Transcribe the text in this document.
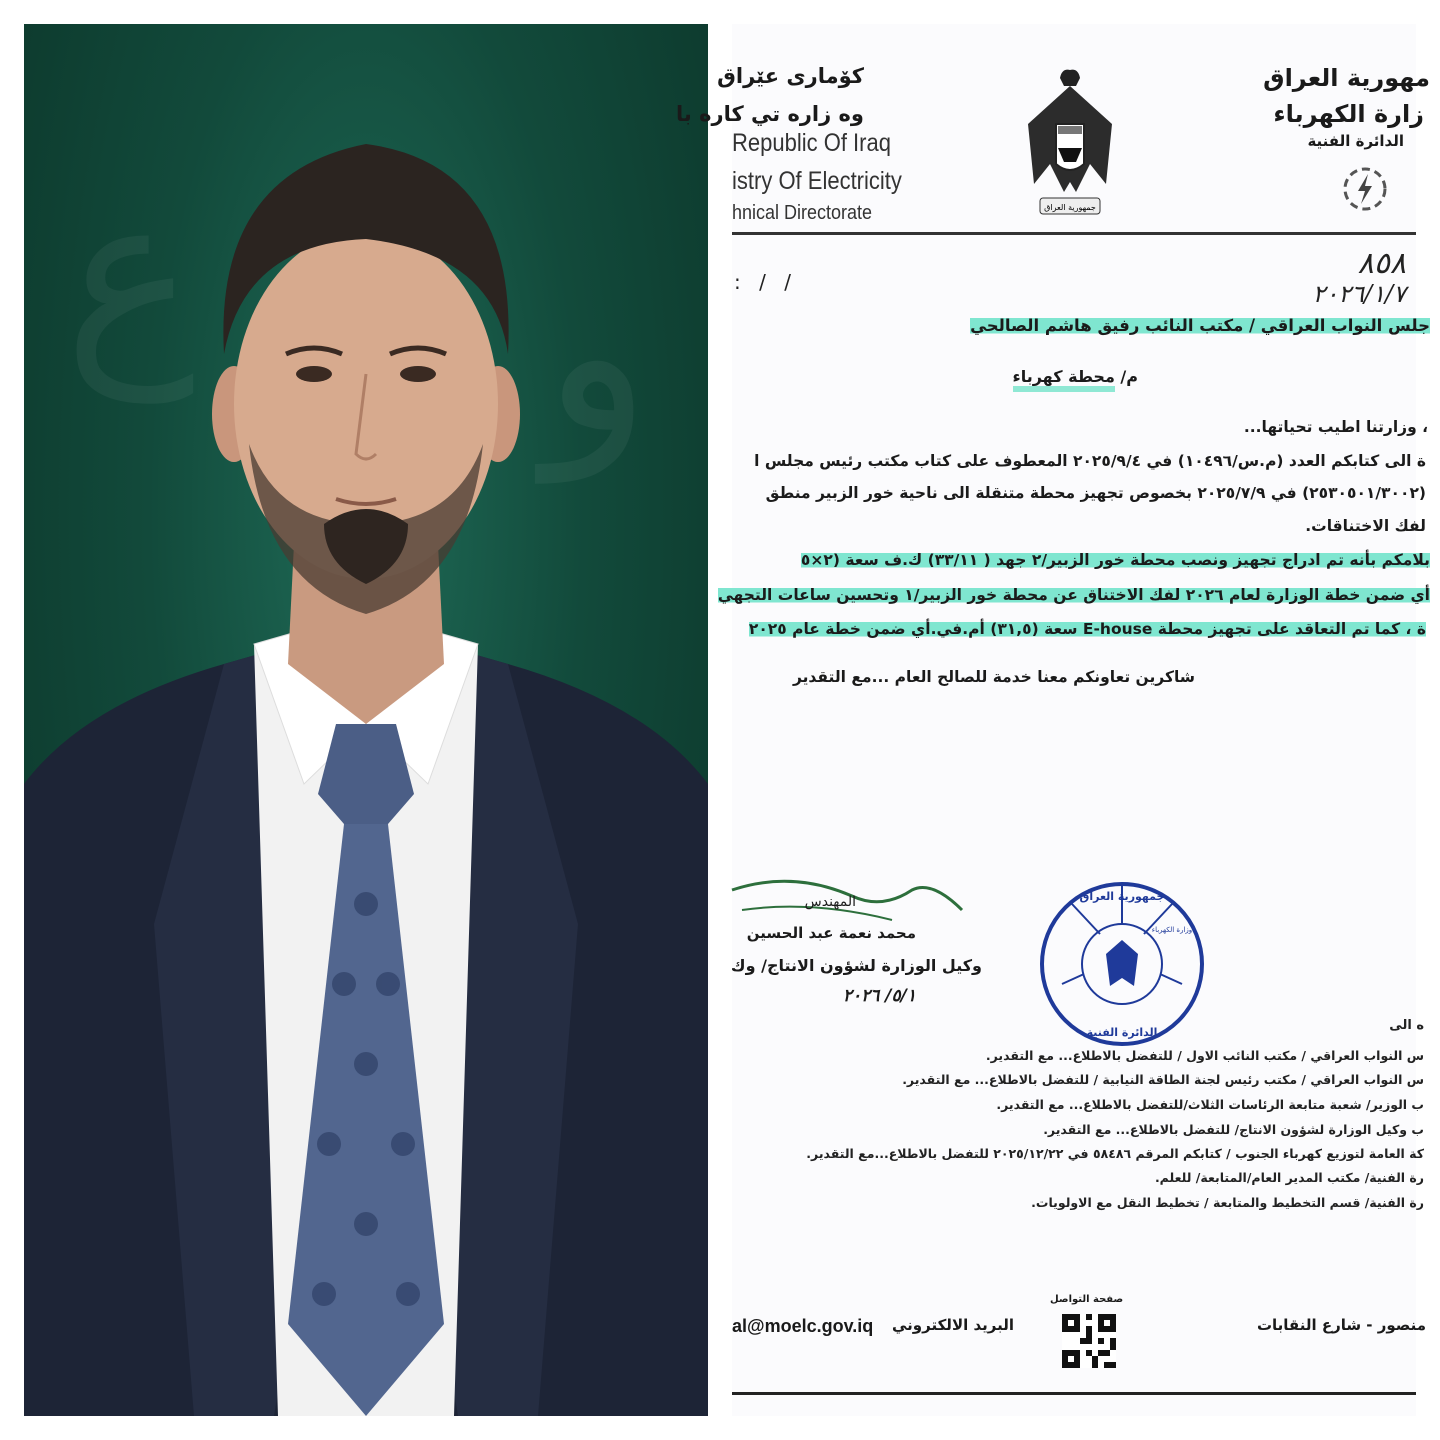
ع و
كۆماری عێراق
وه زاره تي كاره با
Republic Of Iraq
istry Of Electricity
hnical Directorate	جمهورية العراق
مهورية العراق
زارة الكهرباء
الدائرة الفنية
٨٥٨
٢٠٢٦/١/٧
: / /
جلس النواب العراقي / مكتب النائب رفيق هاشم الصالحي
م/ محطة كهرباء
، وزارتنا اطيب تحياتها...
ة الى كتابكم العدد (م.س/١٠٤٩٦) في ٢٠٢٥/٩/٤ المعطوف على كتاب مكتب رئيس مجلس ا
(٢٥٣٠٥٠١/٣٠٠٢) في ٢٠٢٥/٧/٩ بخصوص تجهيز محطة متنقلة الى ناحية خور الزبير منطق
لفك الاختناقات.
بلامكم بأنه تم ادراج تجهيز ونصب محطة خور الزبير/٢ جهد ( ٣٣/١١) ك.ف سعة (٢×٥
أي ضمن خطة الوزارة لعام ٢٠٢٦ لفك الاختناق عن محطة خور الزبير/١ وتحسين ساعات التجهي
ة ، كما تم التعاقد على تجهيز محطة E-house سعة (٣١,٥) أم.في.أي ضمن خطة عام ٢٠٢٥
شاكرين تعاونكم معنا خدمة للصالح العام ...مع التقدير
المهندس
محمد نعمة عبد الحسين
وكيل الوزارة لشؤون الانتاج/ وك
٥/١/ ٢٠٢٦
جمهورية العراق
وزارة الكهرباء
الدائرة الفنية	ه الى
س النواب العراقي / مكتب النائب الاول / للتفضل بالاطلاع... مع التقدير.
س النواب العراقي / مكتب رئيس لجنة الطاقة النيابية / للتفضل بالاطلاع... مع التقدير.
ب الوزير/ شعبة متابعة الرئاسات الثلاث/للتفضل بالاطلاع... مع التقدير.
ب وكيل الوزارة لشؤون الانتاج/ للتفضل بالاطلاع... مع التقدير.
كة العامة لتوزيع كهرباء الجنوب / كتابكم المرقم ٥٨٤٨٦ في ٢٠٢٥/١٢/٢٢ للتفضل بالاطلاع...مع التقدير.
رة الفنية/ مكتب المدير العام/المتابعة/ للعلم.
رة الفنية/ قسم التخطيط والمتابعة / تخطيط النقل مع الاولويات.
صفحة التواصل
al@moelc.gov.iq البريد الالكتروني	منصور - شارع النقابات
